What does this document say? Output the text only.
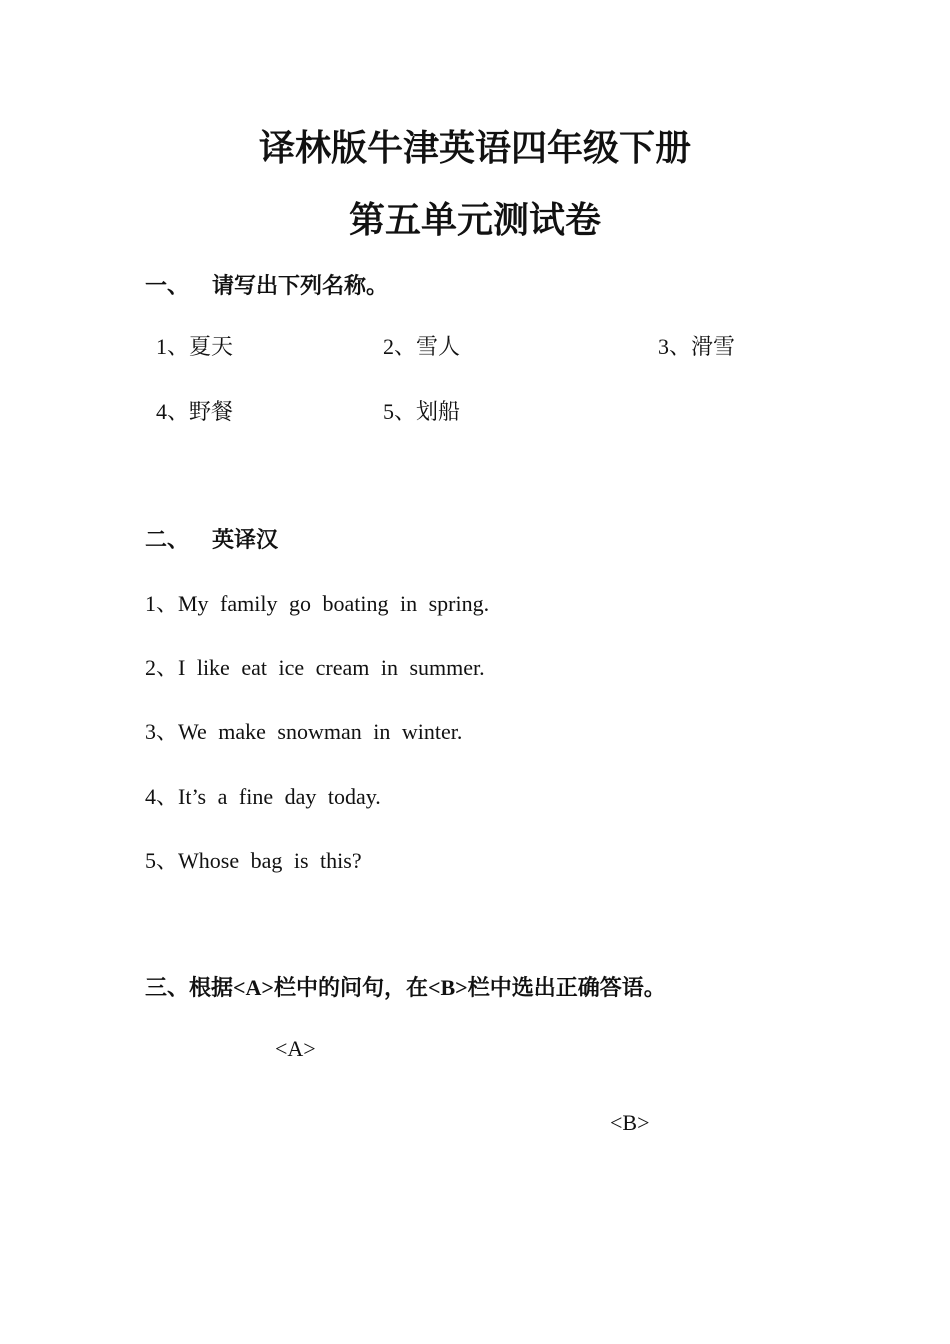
译林版牛津英语四年级下册
第五单元测试卷
一、 请写出下列名称。
1、夏天	2、雪人	3、滑雪
4、野餐	5、划船
二、 英译汉
1、My family go boating in spring.
2、I like eat ice cream in summer.
3、We make snowman in winter.
4、It’s a fine day today.
5、Whose bag is this?
三、根据<A>栏中的问句，在<B>栏中选出正确答语。
<A>
<B>
